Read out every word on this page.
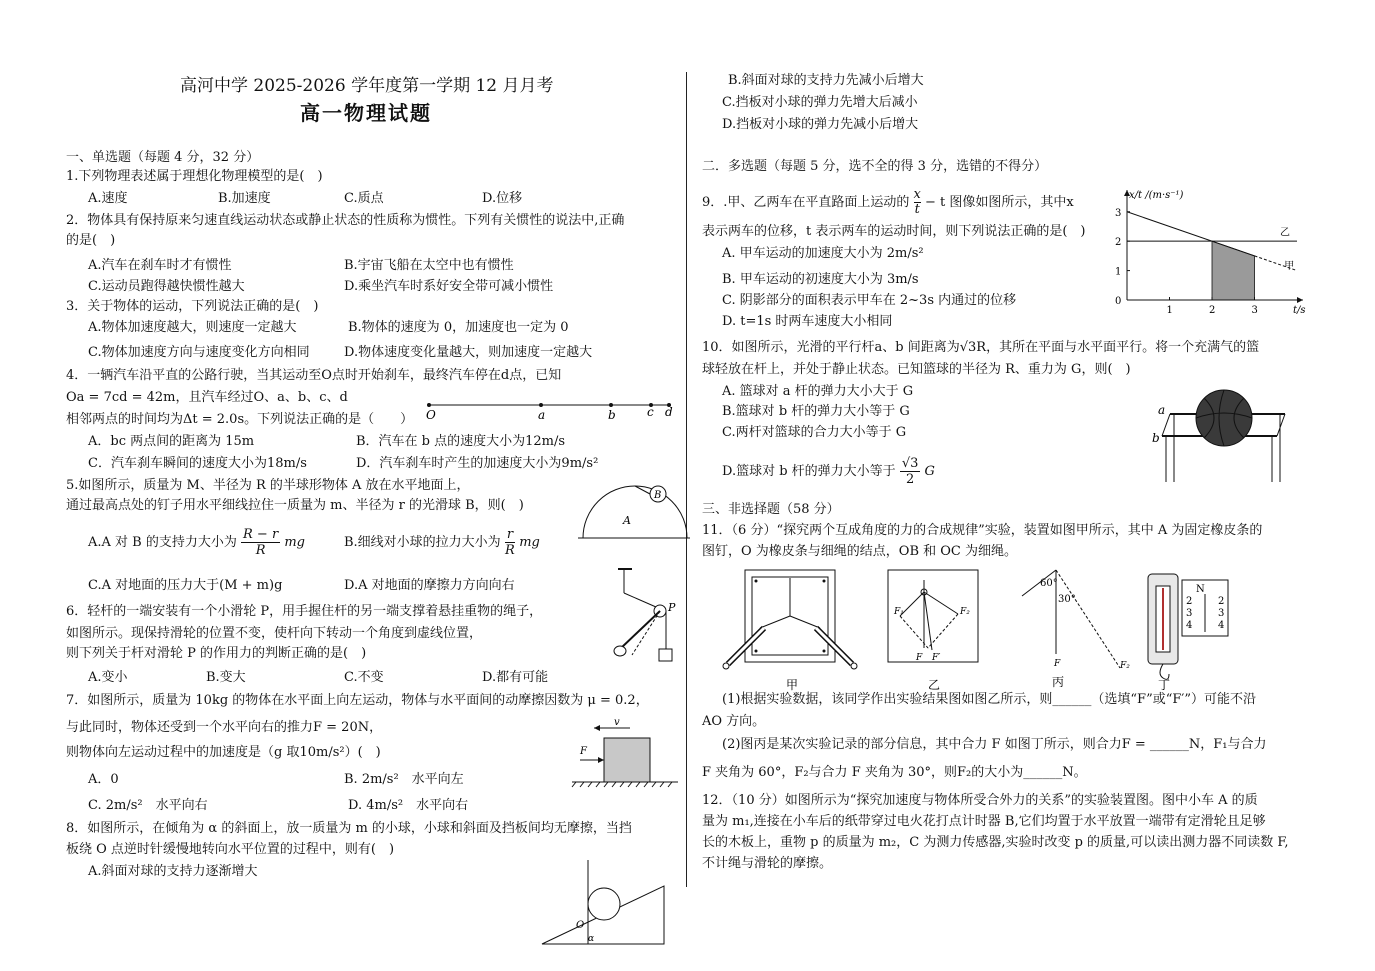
高河中学 2025-2026 学年度第一学期 12 月月考
高一物理试题
一、单选题（每题 4 分，32 分）
1.下列物理表述属于理想化物理模型的是(　)
A.速度	B.加速度	C.质点	D.位移
2．物体具有保持原来匀速直线运动状态或静止状态的性质称为惯性。下列有关惯性的说法中,正确
的是(　)
A.汽车在刹车时才有惯性	B.宇宙飞船在太空中也有惯性
C.运动员跑得越快惯性越大	D.乘坐汽车时系好安全带可减小惯性
3．关于物体的运动，下列说法正确的是(　)
A.物体加速度越大，则速度一定越大	B.物体的速度为 0，加速度也一定为 0
C.物体加速度方向与速度变化方向相同	D.物体速度变化量越大，则加速度一定越大
4．一辆汽车沿平直的公路行驶，当其运动至O点时开始刹车，最终汽车停在d点，已知
Oa = 7cd = 42m，且汽车经过O、a、b、c、d
相邻两点的时间均为Δt = 2.0s。下列说法正确的是（　　） O	a	b	c d
A．bc 两点间的距离为 15m	B．汽车在 b 点的速度大小为12m/s
C．汽车刹车瞬间的速度大小为18m/s	D．汽车刹车时产生的加速度大小为9m/s²
5.如图所示，质量为 M、半径为 R 的半球形物体 A 放在水平地面上，
通过最高点处的钉子用水平细线拉住一质量为 m、半径为 r 的光滑球 B，则(　)
A.A 对 B 的支持力大小为 $\frac{R - r}{R}$ mg	B.细线对小球的拉力大小为 $\frac{r}{R}$ mg
B
A
C.A 对地面的压力大于(M + m)g	D.A 对地面的摩擦力方向向右
6．轻杆的一端安装有一个小滑轮 P，用手握住杆的另一端支撑着悬挂重物的绳子，
如图所示。现保持滑轮的位置不变，使杆向下转动一个角度到虚线位置，
则下列关于杆对滑轮 P 的作用力的判断正确的是(　)
P
A.变小	B.变大	C.不变	D.都有可能
7．如图所示，质量为 10kg 的物体在水平面上向左运动，物体与水平面间的动摩擦因数为 μ = 0.2，
与此同时，物体还受到一个水平向右的推力F = 20N，
则物体向左运动过程中的加速度是（g 取10m/s²）(　)
v
F
A．0	B. 2m/s²　水平向左
C. 2m/s²　水平向右	D. 4m/s²　水平向右
8．如图所示，在倾角为 α 的斜面上，放一质量为 m 的小球，小球和斜面及挡板间均无摩擦，当挡
板绕 O 点逆时针缓慢地转向水平位置的过程中，则有(　)
A.斜面对球的支持力逐渐增大
O
α
B.斜面对球的支持力先减小后增大
C.挡板对小球的弹力先增大后减小
D.挡板对小球的弹力先减小后增大
二．多选题（每题 5 分，选不全的得 3 分，选错的不得分）
9．.甲、乙两车在平直路面上运动的 $\frac{x}{t} - t$ 图像如图所示，其中x
表示两车的位移，t 表示两车的运动时间，则下列说法正确的是(　)
A. 甲车运动的加速度大小为 2m/s²
B. 甲车运动的初速度大小为 3m/s
C. 阴影部分的面积表示甲车在 2~3s 内通过的位移
D. t=1s 时两车速度大小相同
1	2	3
0
1
2
3
甲
乙
t/s
x/t /(m·s⁻¹)
10．如图所示，光滑的平行杆a、b 间距离为√3R，其所在平面与水平面平行。将一个充满气的篮
球轻放在杆上，并处于静止状态。已知篮球的半径为 R、重力为 G，则(　)
A. 篮球对 a 杆的弹力大小大于 G
B.篮球对 b 杆的弹力大小等于 G
C.两杆对篮球的合力大小等于 G
D.篮球对 b 杆的弹力大小等于 $\frac{√3}{2}$ G
a
b
三、非选择题（58 分）
11．（6 分）“探究两个互成角度的力的合成规律”实验，装置如图甲所示，其中 A 为固定橡皮条的
图钉，O 为橡皮条与细绳的结点，OB 和 OC 为细绳。
甲
F₁	F₂
F F′
乙
60°
30°
F	F₂
丙
N
2
3
4
2
3
4
丁
(1)根据实验数据，该同学作出实验结果图如图乙所示，则______（选填“F”或“F′”）可能不沿
AO 方向。
(2)图丙是某次实验记录的部分信息，其中合力 F 如图丁所示，则合力F = ______N，F₁与合力
F 夹角为 60°，F₂与合力 F 夹角为 30°，则F₂的大小为______N。
12．（10 分）如图所示为“探究加速度与物体所受合外力的关系”的实验装置图。图中小车 A 的质
量为 m₁,连接在小车后的纸带穿过电火花打点计时器 B,它们均置于水平放置一端带有定滑轮且足够
长的木板上，重物 p 的质量为 m₂，C 为测力传感器,实验时改变 p 的质量,可以读出测力器不同读数 F,
不计绳与滑轮的摩擦。
